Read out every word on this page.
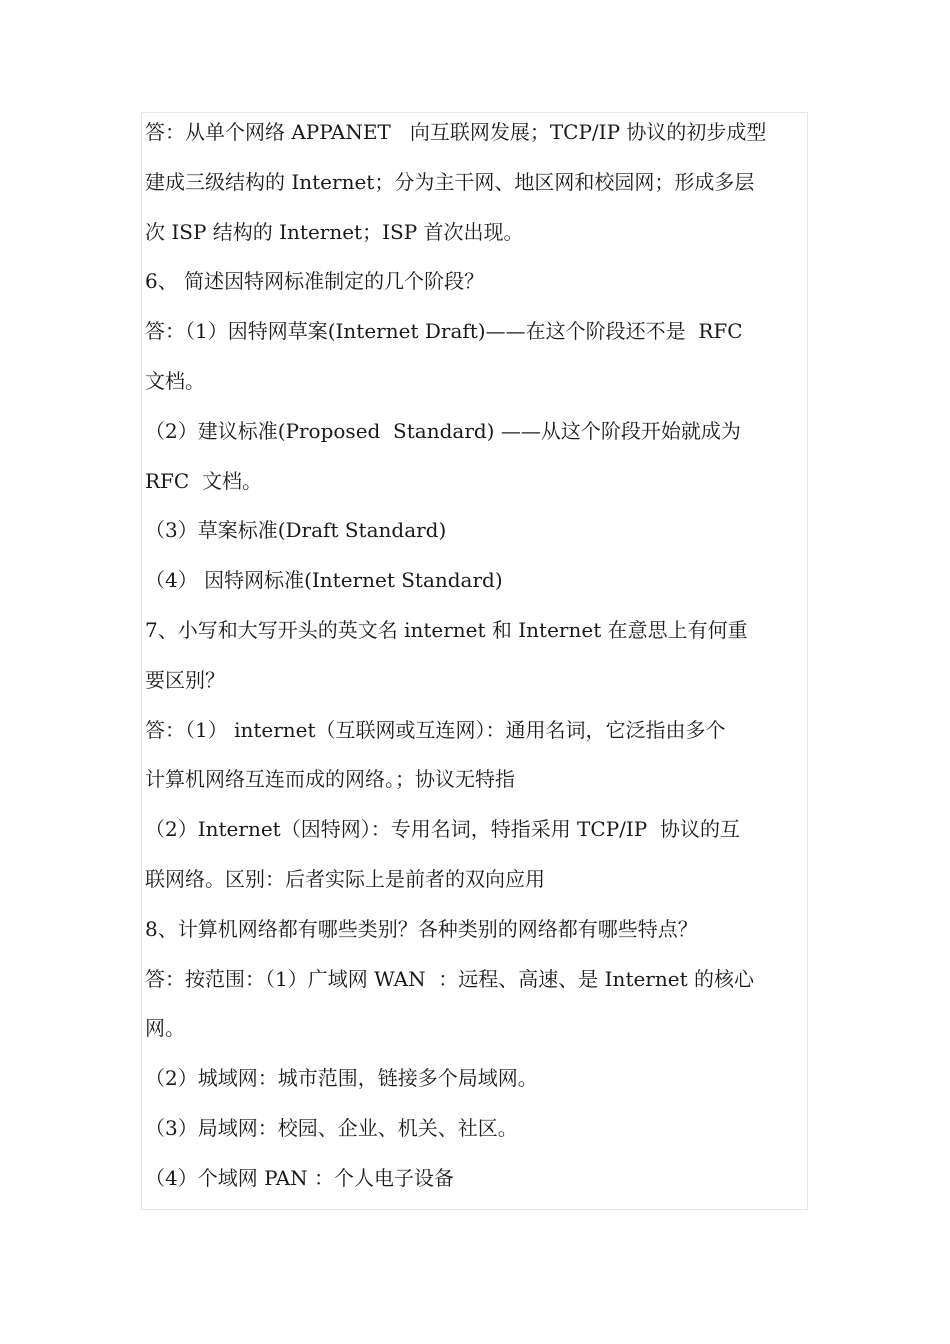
答：从单个网络 APPANET   向互联网发展；TCP/IP 协议的初步成型
建成三级结构的 Internet；分为主干网、地区网和校园网；形成多层
次 ISP 结构的 Internet；ISP 首次出现。
6、 简述因特网标准制定的几个阶段？
答：（1）因特网草案(Internet Draft)——在这个阶段还不是  RFC
文档。
（2）建议标准(Proposed  Standard) ——从这个阶段开始就成为
RFC  文档。
（3）草案标准(Draft Standard)
（4） 因特网标准(Internet Standard)
7、小写和大写开头的英文名 internet 和 Internet 在意思上有何重
要区别？
答：（1） internet（互联网或互连网）：通用名词，它泛指由多个
计算机网络互连而成的网络。；协议无特指
（2）Internet（因特网）：专用名词，特指采用 TCP/IP  协议的互
联网络。区别：后者实际上是前者的双向应用
8、计算机网络都有哪些类别？各种类别的网络都有哪些特点？
答：按范围：（1）广域网 WAN  ：远程、高速、是 Internet 的核心
网。
（2）城域网：城市范围，链接多个局域网。
（3）局域网：校园、企业、机关、社区。
（4）个域网 PAN ：个人电子设备
